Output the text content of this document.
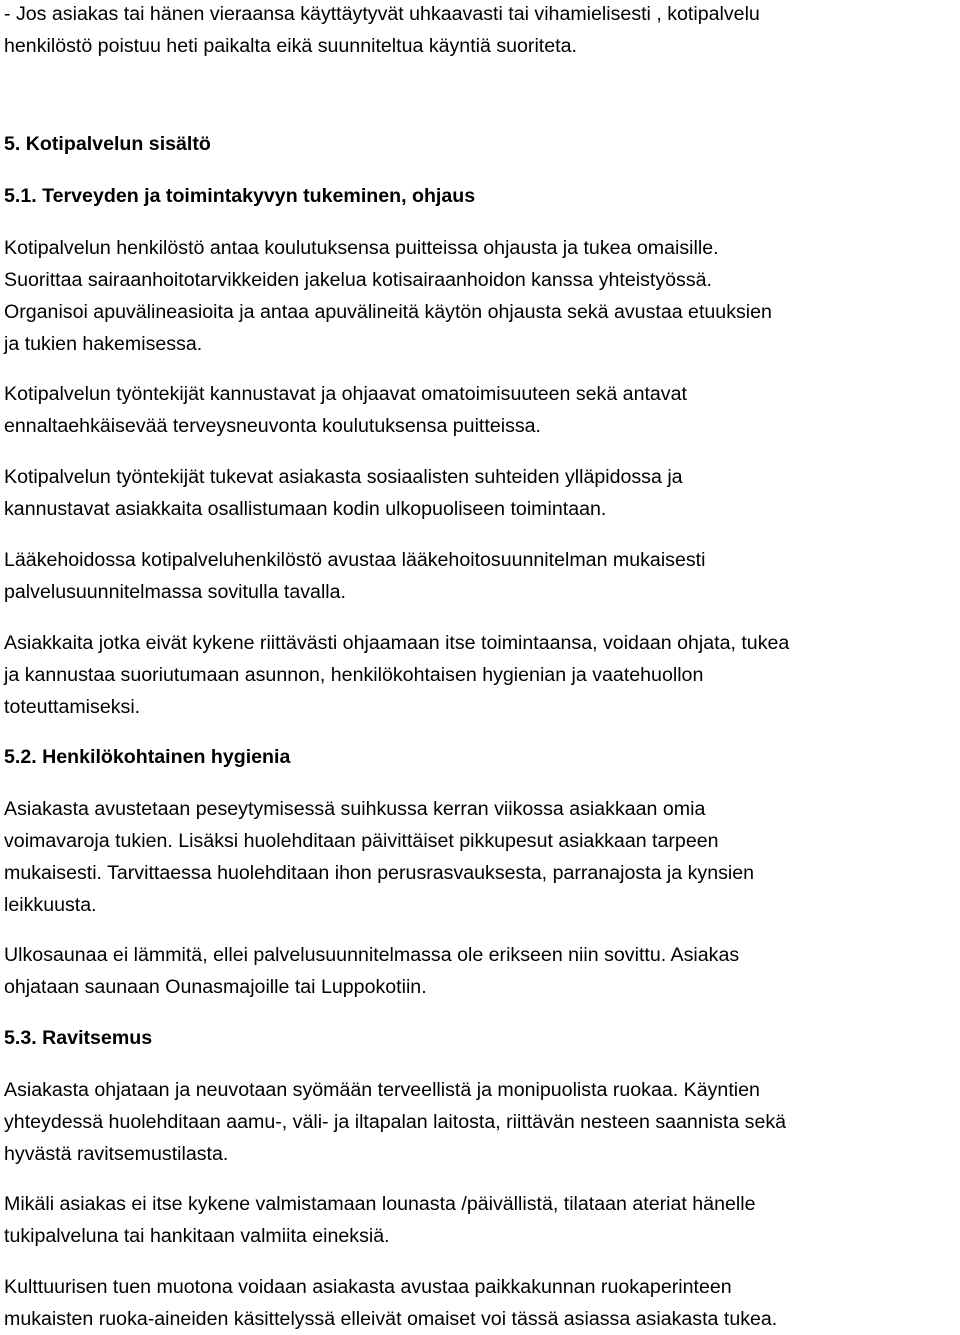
- Jos asiakas tai hänen vieraansa käyttäytyvät uhkaavasti tai vihamielisesti , kotipalvelu
henkilöstö poistuu heti paikalta eikä suunniteltua käyntiä suoriteta.
5. Kotipalvelun sisältö
5.1. Terveyden ja toimintakyvyn tukeminen, ohjaus
Kotipalvelun henkilöstö antaa koulutuksensa puitteissa ohjausta ja tukea omaisille.
Suorittaa sairaanhoitotarvikkeiden jakelua kotisairaanhoidon kanssa yhteistyössä.
Organisoi apuvälineasioita ja antaa apuvälineitä käytön ohjausta sekä avustaa etuuksien
ja tukien hakemisessa.
Kotipalvelun työntekijät kannustavat ja ohjaavat omatoimisuuteen sekä antavat
ennaltaehkäisevää terveysneuvonta koulutuksensa puitteissa.
Kotipalvelun työntekijät tukevat asiakasta sosiaalisten suhteiden ylläpidossa ja
kannustavat asiakkaita osallistumaan kodin ulkopuoliseen toimintaan.
Lääkehoidossa kotipalveluhenkilöstö avustaa lääkehoitosuunnitelman mukaisesti
palvelusuunnitelmassa sovitulla tavalla.
Asiakkaita jotka eivät kykene riittävästi ohjaamaan itse toimintaansa, voidaan ohjata, tukea
ja kannustaa suoriutumaan asunnon, henkilökohtaisen hygienian ja vaatehuollon
toteuttamiseksi.
5.2. Henkilökohtainen hygienia
Asiakasta avustetaan peseytymisessä suihkussa kerran viikossa asiakkaan omia
voimavaroja tukien. Lisäksi huolehditaan päivittäiset pikkupesut asiakkaan tarpeen
mukaisesti. Tarvittaessa huolehditaan ihon perusrasvauksesta, parranajosta ja kynsien
leikkuusta.
Ulkosaunaa ei lämmitä, ellei palvelusuunnitelmassa ole erikseen niin sovittu. Asiakas
ohjataan saunaan Ounasmajoille tai Luppokotiin.
5.3. Ravitsemus
Asiakasta ohjataan ja neuvotaan syömään terveellistä ja monipuolista ruokaa. Käyntien
yhteydessä huolehditaan aamu-, väli- ja iltapalan laitosta, riittävän nesteen saannista sekä
hyvästä ravitsemustilasta.
Mikäli asiakas ei itse kykene valmistamaan lounasta /päivällistä, tilataan ateriat hänelle
tukipalveluna tai hankitaan valmiita eineksiä.
Kulttuurisen tuen muotona voidaan asiakasta avustaa paikkakunnan ruokaperinteen
mukaisten ruoka-aineiden käsittelyssä elleivät omaiset voi tässä asiassa asiakasta tukea.
